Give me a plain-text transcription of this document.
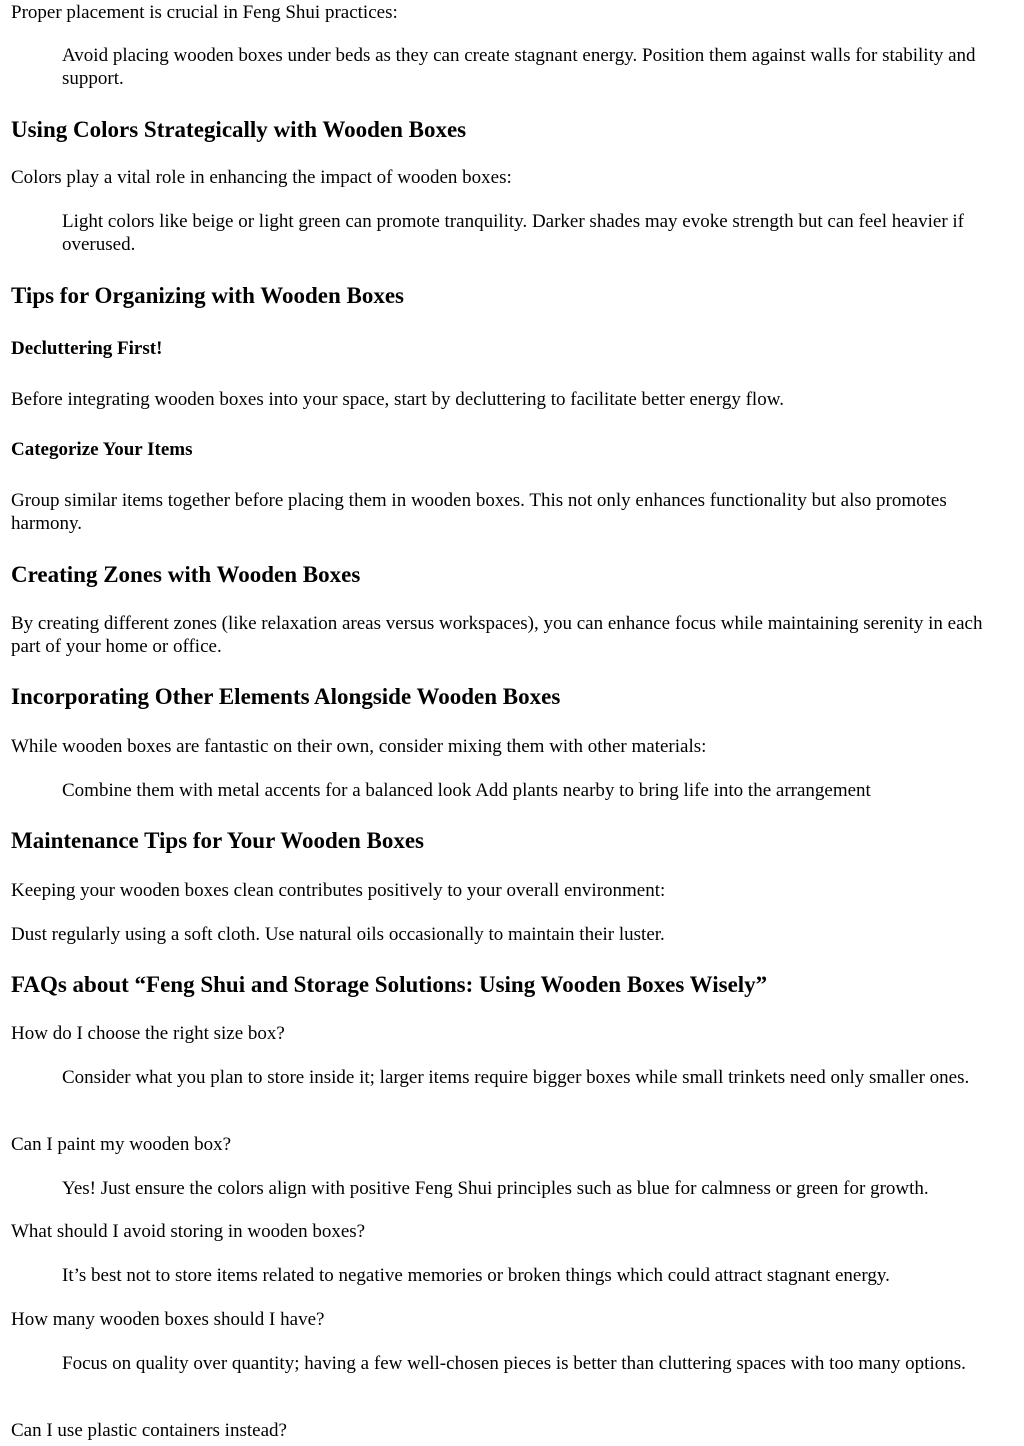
Proper placement is crucial in Feng Shui practices:

Avoid placing wooden boxes under beds as they can create stagnant energy. Position them against walls for stability and support.

Using Colors Strategically with Wooden Boxes

Colors play a vital role in enhancing the impact of wooden boxes:

Light colors like beige or light green can promote tranquility. Darker shades may evoke strength but can feel heavier if overused.

Tips for Organizing with Wooden Boxes
Decluttering First!

Before integrating wooden boxes into your space, start by decluttering to facilitate better energy flow.

Categorize Your Items

Group similar items together before placing them in wooden boxes. This not only enhances functionality but also promotes harmony.

Creating Zones with Wooden Boxes

By creating different zones (like relaxation areas versus workspaces), you can enhance focus while maintaining serenity in each part of your home or office.

Incorporating Other Elements Alongside Wooden Boxes

While wooden boxes are fantastic on their own, consider mixing them with other materials:

Combine them with metal accents for a balanced look Add plants nearby to bring life into the arrangement

Maintenance Tips for Your Wooden Boxes

Keeping your wooden boxes clean contributes positively to your overall environment:

Dust regularly using a soft cloth. Use natural oils occasionally to maintain their luster.

FAQs about “Feng Shui and Storage Solutions: Using Wooden Boxes Wisely”

How do I choose the right size box?

Consider what you plan to store inside it; larger items require bigger boxes while small trinkets need only smaller ones.

Can I paint my wooden box?

Yes! Just ensure the colors align with positive Feng Shui principles such as blue for calmness or green for growth.

What should I avoid storing in wooden boxes?

It’s best not to store items related to negative memories or broken things which could attract stagnant energy.

How many wooden boxes should I have?

Focus on quality over quantity; having a few well-chosen pieces is better than cluttering spaces with too many options.

Can I use plastic containers instead?
